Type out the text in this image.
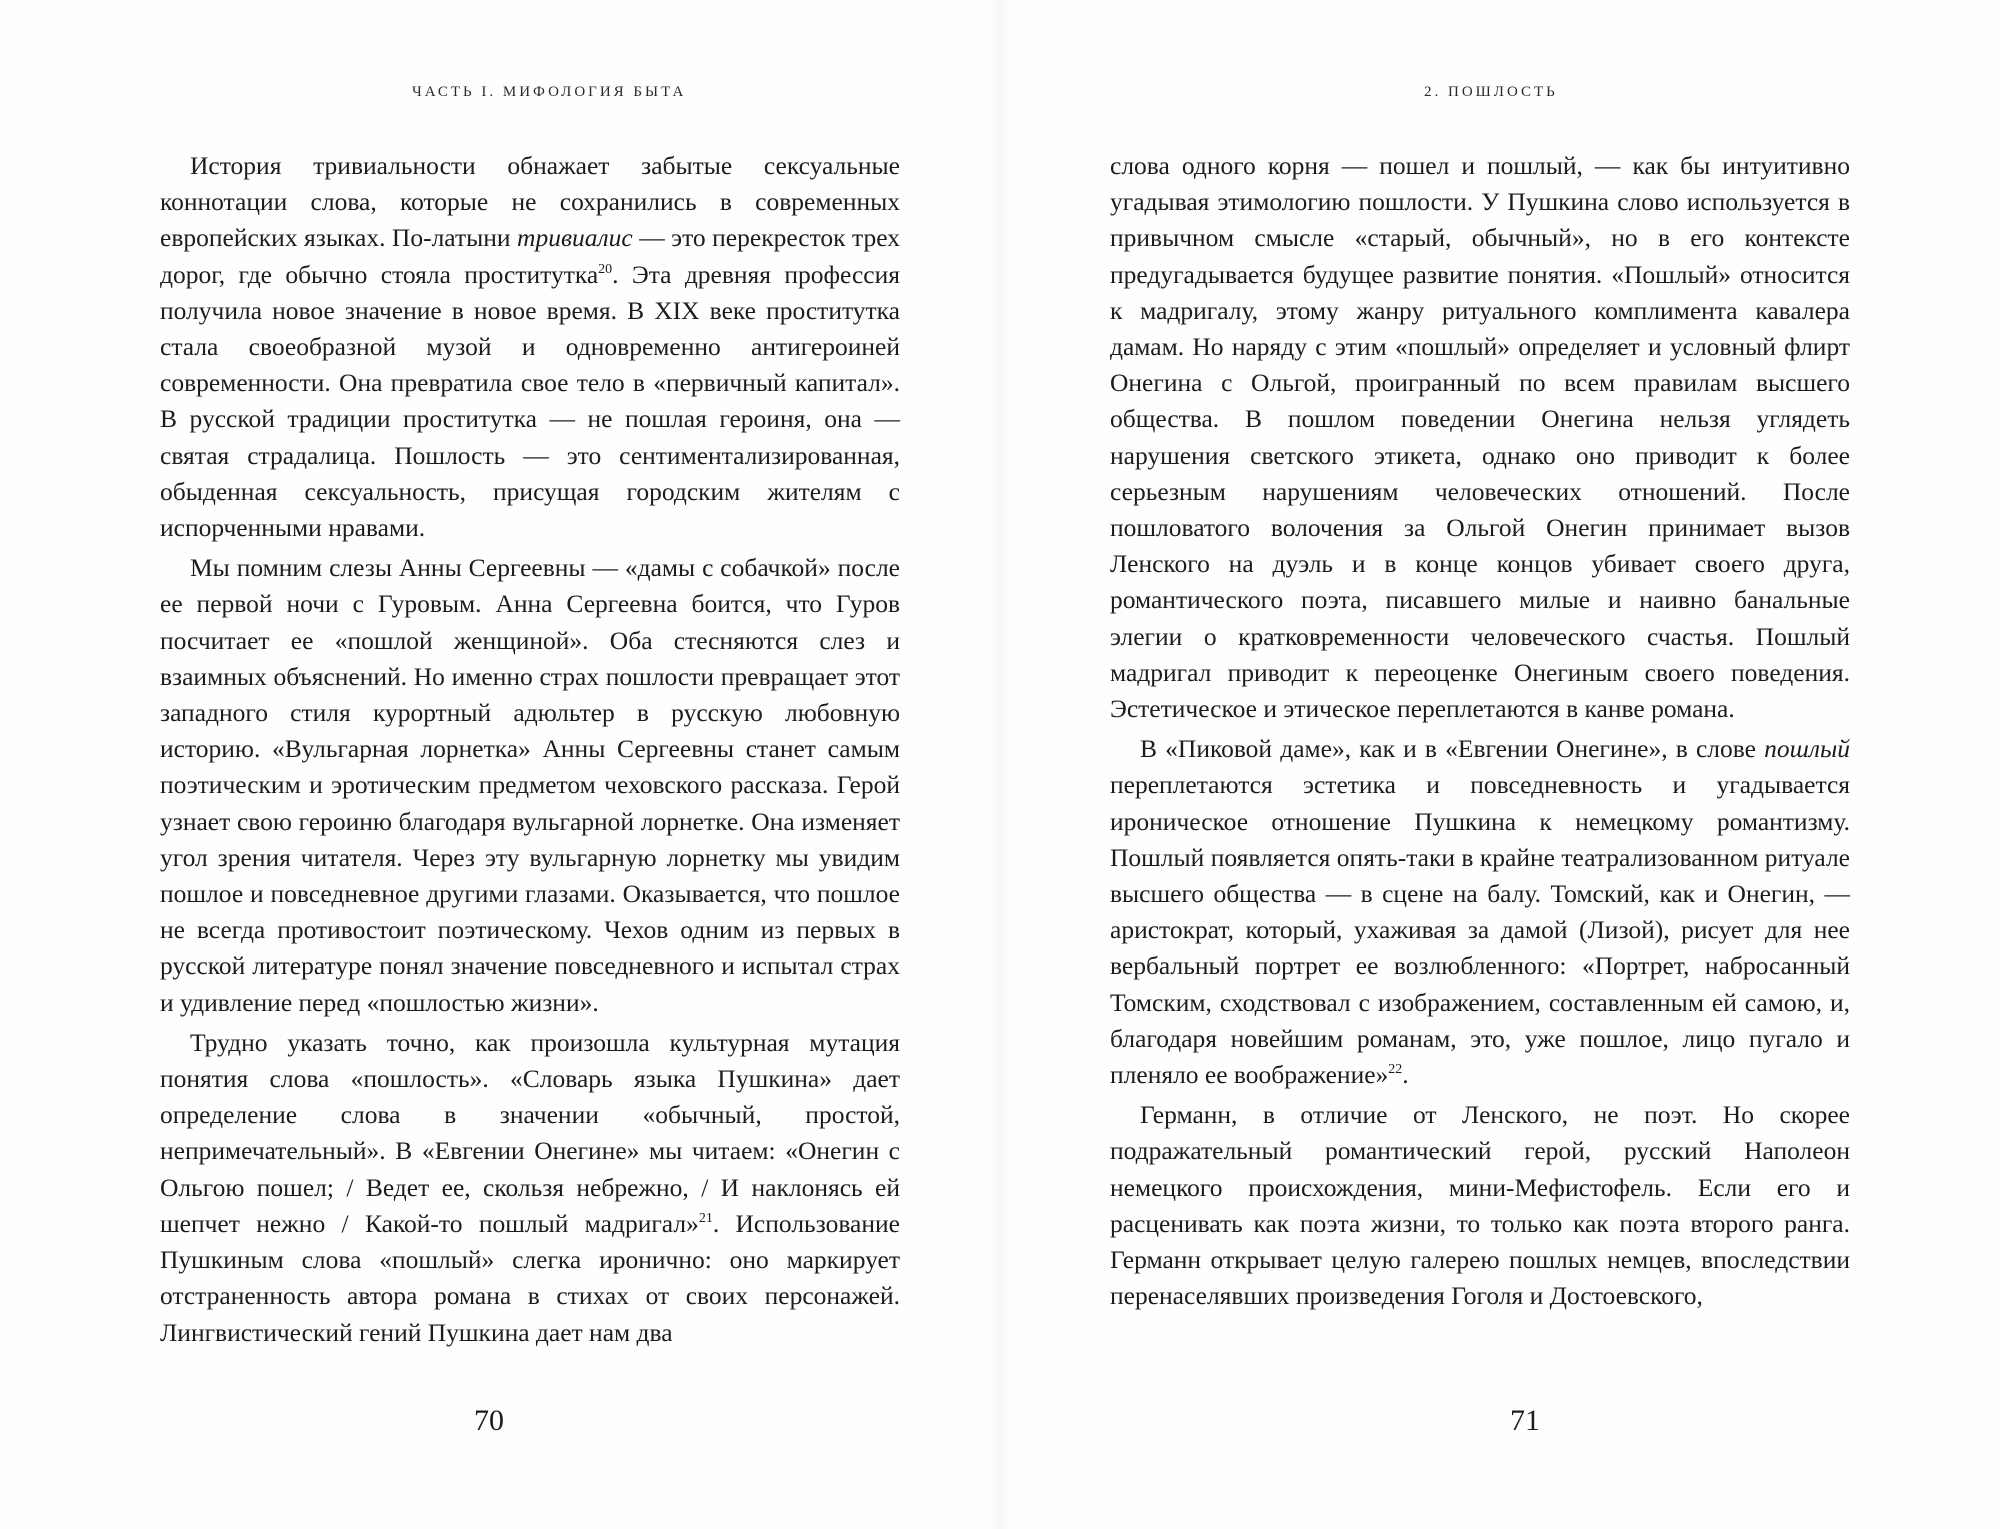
ЧАСТЬ I. МИФОЛОГИЯ БЫТА

История тривиальности обнажает забытые сексуальные коннотации слова, которые не сохранились в современных европейских языках. По-латыни тривиалис — это перекресток трех дорог, где обычно стояла проститутка$^{20}$. Эта древняя профессия получила новое значение в новое время. В XIX веке проститутка стала своеобразной музой и одновременно антигероиней современности. Она превратила свое тело в «первичный капитал». В русской традиции проститутка — не пошлая героиня, она — святая страдалица. Пошлость — это сентиментализированная, обыденная сексуальность, присущая городским жителям с испорченными нравами.

Мы помним слезы Анны Сергеевны — «дамы с собачкой» после ее первой ночи с Гуровым. Анна Сергеевна боится, что Гуров посчитает ее «пошлой женщиной». Оба стесняются слез и взаимных объяснений. Но именно страх пошлости превращает этот западного стиля курортный адюльтер в русскую любовную историю. «Вульгарная лорнетка» Анны Сергеевны станет самым поэтическим и эротическим предметом чеховского рассказа. Герой узнает свою героиню благодаря вульгарной лорнетке. Она изменяет угол зрения читателя. Через эту вульгарную лорнетку мы увидим пошлое и повседневное другими глазами. Оказывается, что пошлое не всегда противостоит поэтическому. Чехов одним из первых в русской литературе понял значение повседневного и испытал страх и удивление перед «пошлостью жизни».

Трудно указать точно, как произошла культурная мутация понятия слова «пошлость». «Словарь языка Пушкина» дает определение слова в значении «обычный, простой, непримечательный». В «Евгении Онегине» мы читаем: «Онегин с Ольгою пошел; / Ведет ее, скользя небрежно, / И наклонясь ей шепчет нежно / Какой-то пошлый мадригал»$^{21}$. Использование Пушкиным слова «пошлый» слегка иронично: оно маркирует отстраненность автора романа в стихах от своих персонажей. Лингвистический гений Пушкина дает нам два

70
2. ПОШЛОСТЬ

слова одного корня — пошел и пошлый, — как бы интуитивно угадывая этимологию пошлости. У Пушкина слово используется в привычном смысле «старый, обычный», но в его контексте предугадывается будущее развитие понятия. «Пошлый» относится к мадригалу, этому жанру ритуального комплимента кавалера дамам. Но наряду с этим «пошлый» определяет и условный флирт Онегина с Ольгой, проигранный по всем правилам высшего общества. В пошлом поведении Онегина нельзя углядеть нарушения светского этикета, однако оно приводит к более серьезным нарушениям человеческих отношений. После пошловатого волочения за Ольгой Онегин принимает вызов Ленского на дуэль и в конце концов убивает своего друга, романтического поэта, писавшего милые и наивно банальные элегии о кратковременности человеческого счастья. Пошлый мадригал приводит к переоценке Онегиным своего поведения. Эстетическое и этическое переплетаются в канве романа.

В «Пиковой даме», как и в «Евгении Онегине», в слове пошлый переплетаются эстетика и повседневность и угадывается ироническое отношение Пушкина к немецкому романтизму. Пошлый появляется опять-таки в крайне театрализованном ритуале высшего общества — в сцене на балу. Томский, как и Онегин, — аристократ, который, ухаживая за дамой (Лизой), рисует для нее вербальный портрет ее возлюбленного: «Портрет, набросанный Томским, сходствовал с изображением, составленным ей самою, и, благодаря новейшим романам, это, уже пошлое, лицо пугало и пленяло ее воображение»$^{22}$.

Германн, в отличие от Ленского, не поэт. Но скорее подражательный романтический герой, русский Наполеон немецкого происхождения, мини-Мефистофель. Если его и расценивать как поэта жизни, то только как поэта второго ранга. Германн открывает целую галерею пошлых немцев, впоследствии перенаселявших произведения Гоголя и Достоевского,

71
